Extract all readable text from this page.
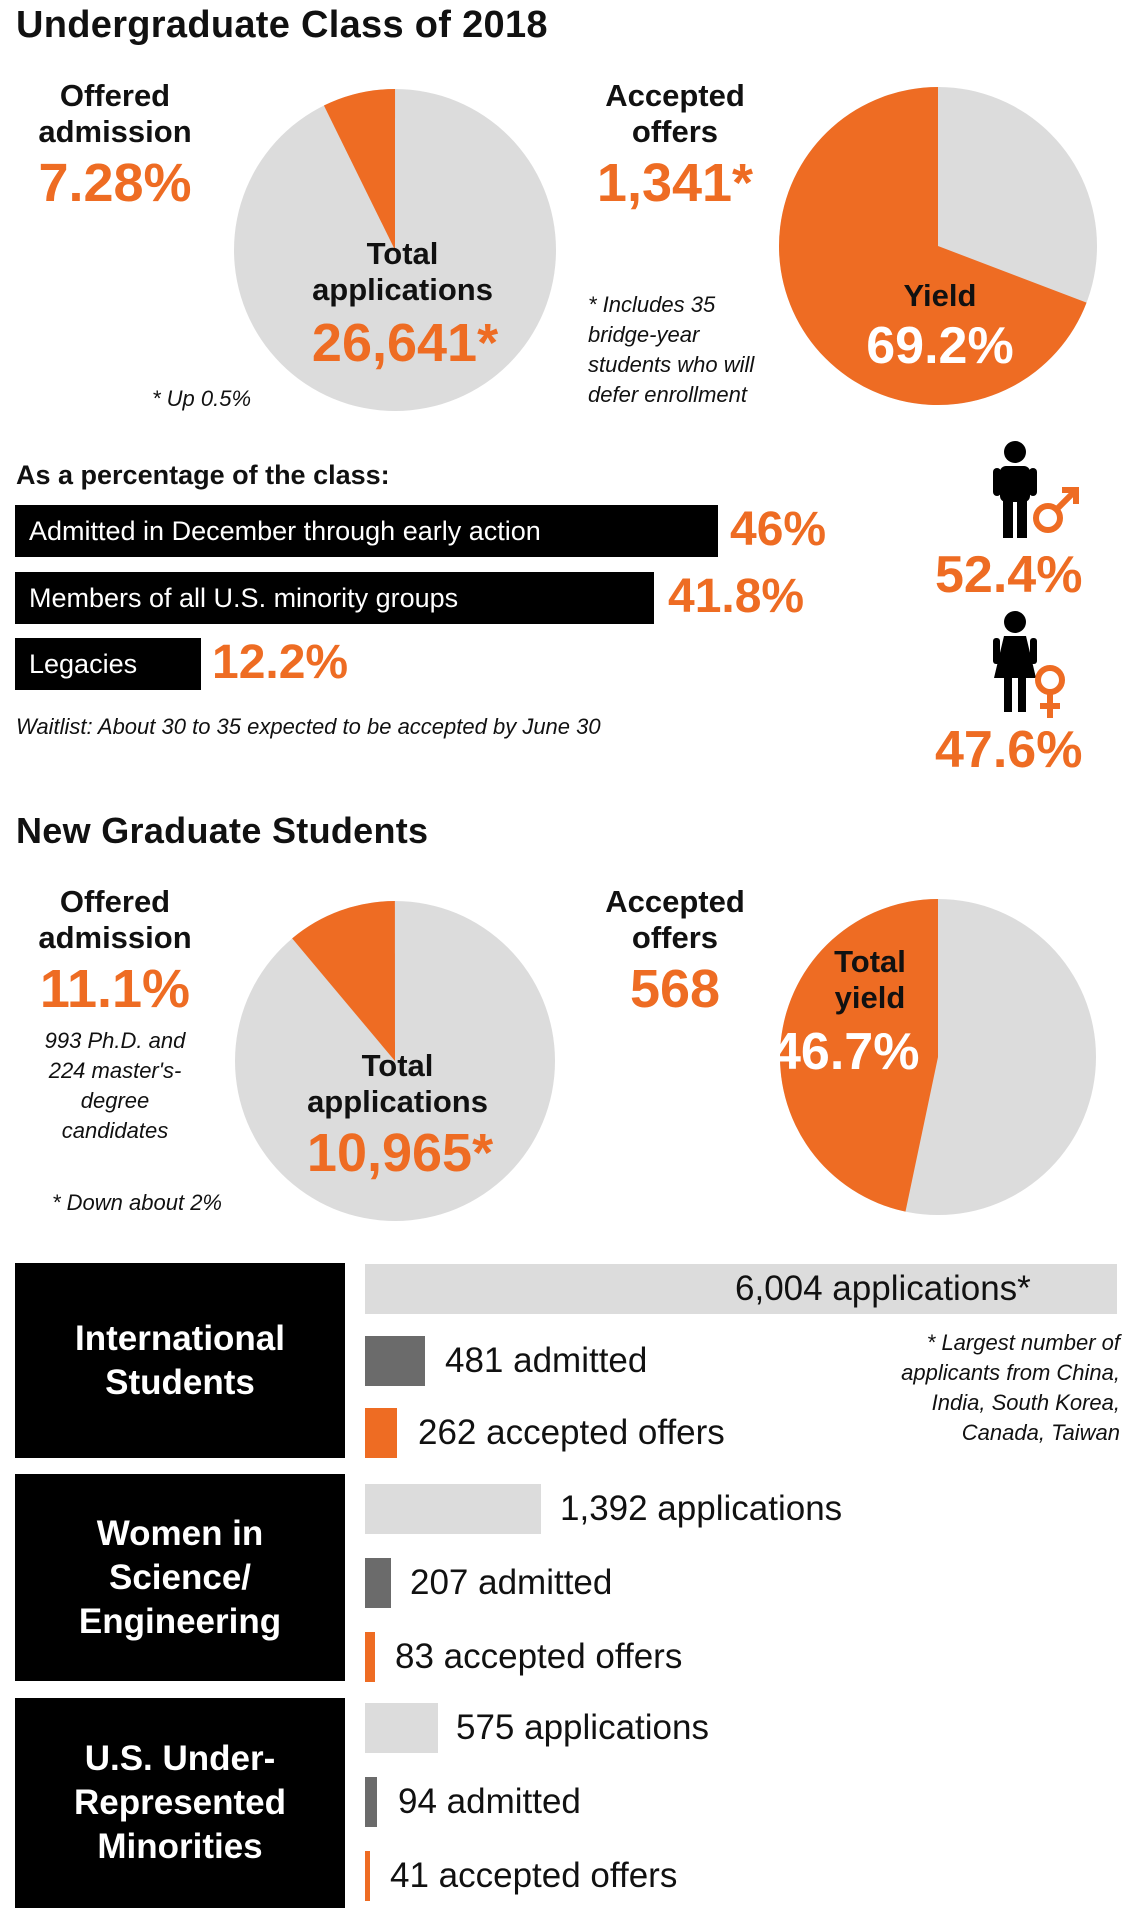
Undergraduate Class of 2018
Offered
admission
7.28%
Total
applications
26,641*
* Up 0.5%
Accepted
offers
1,341*
* Includes 35
bridge-year
students who will
defer enrollment
Yield
69.2%
As a percentage of the class:
Admitted in December through early action	46%
Members of all U.S. minority groups	41.8%
Legacies	12.2%
Waitlist: About 30 to 35 expected to be accepted by June 30
52.4%
47.6%
New Graduate Students
Offered
admission
11.1%
993 Ph.D. and
224 master's-
degree
candidates
* Down about 2%
Total
applications
10,965*
Accepted
offers
568	Total
yield
46.7%
International
Students
Women in
Science/
Engineering
U.S. Under-
Represented
Minorities
6,004 applications*
481 admitted
262 accepted offers
* Largest number of
applicants from China,
India, South Korea,
Canada, Taiwan
1,392 applications
207 admitted
83 accepted offers
575 applications
94 admitted
41 accepted offers
